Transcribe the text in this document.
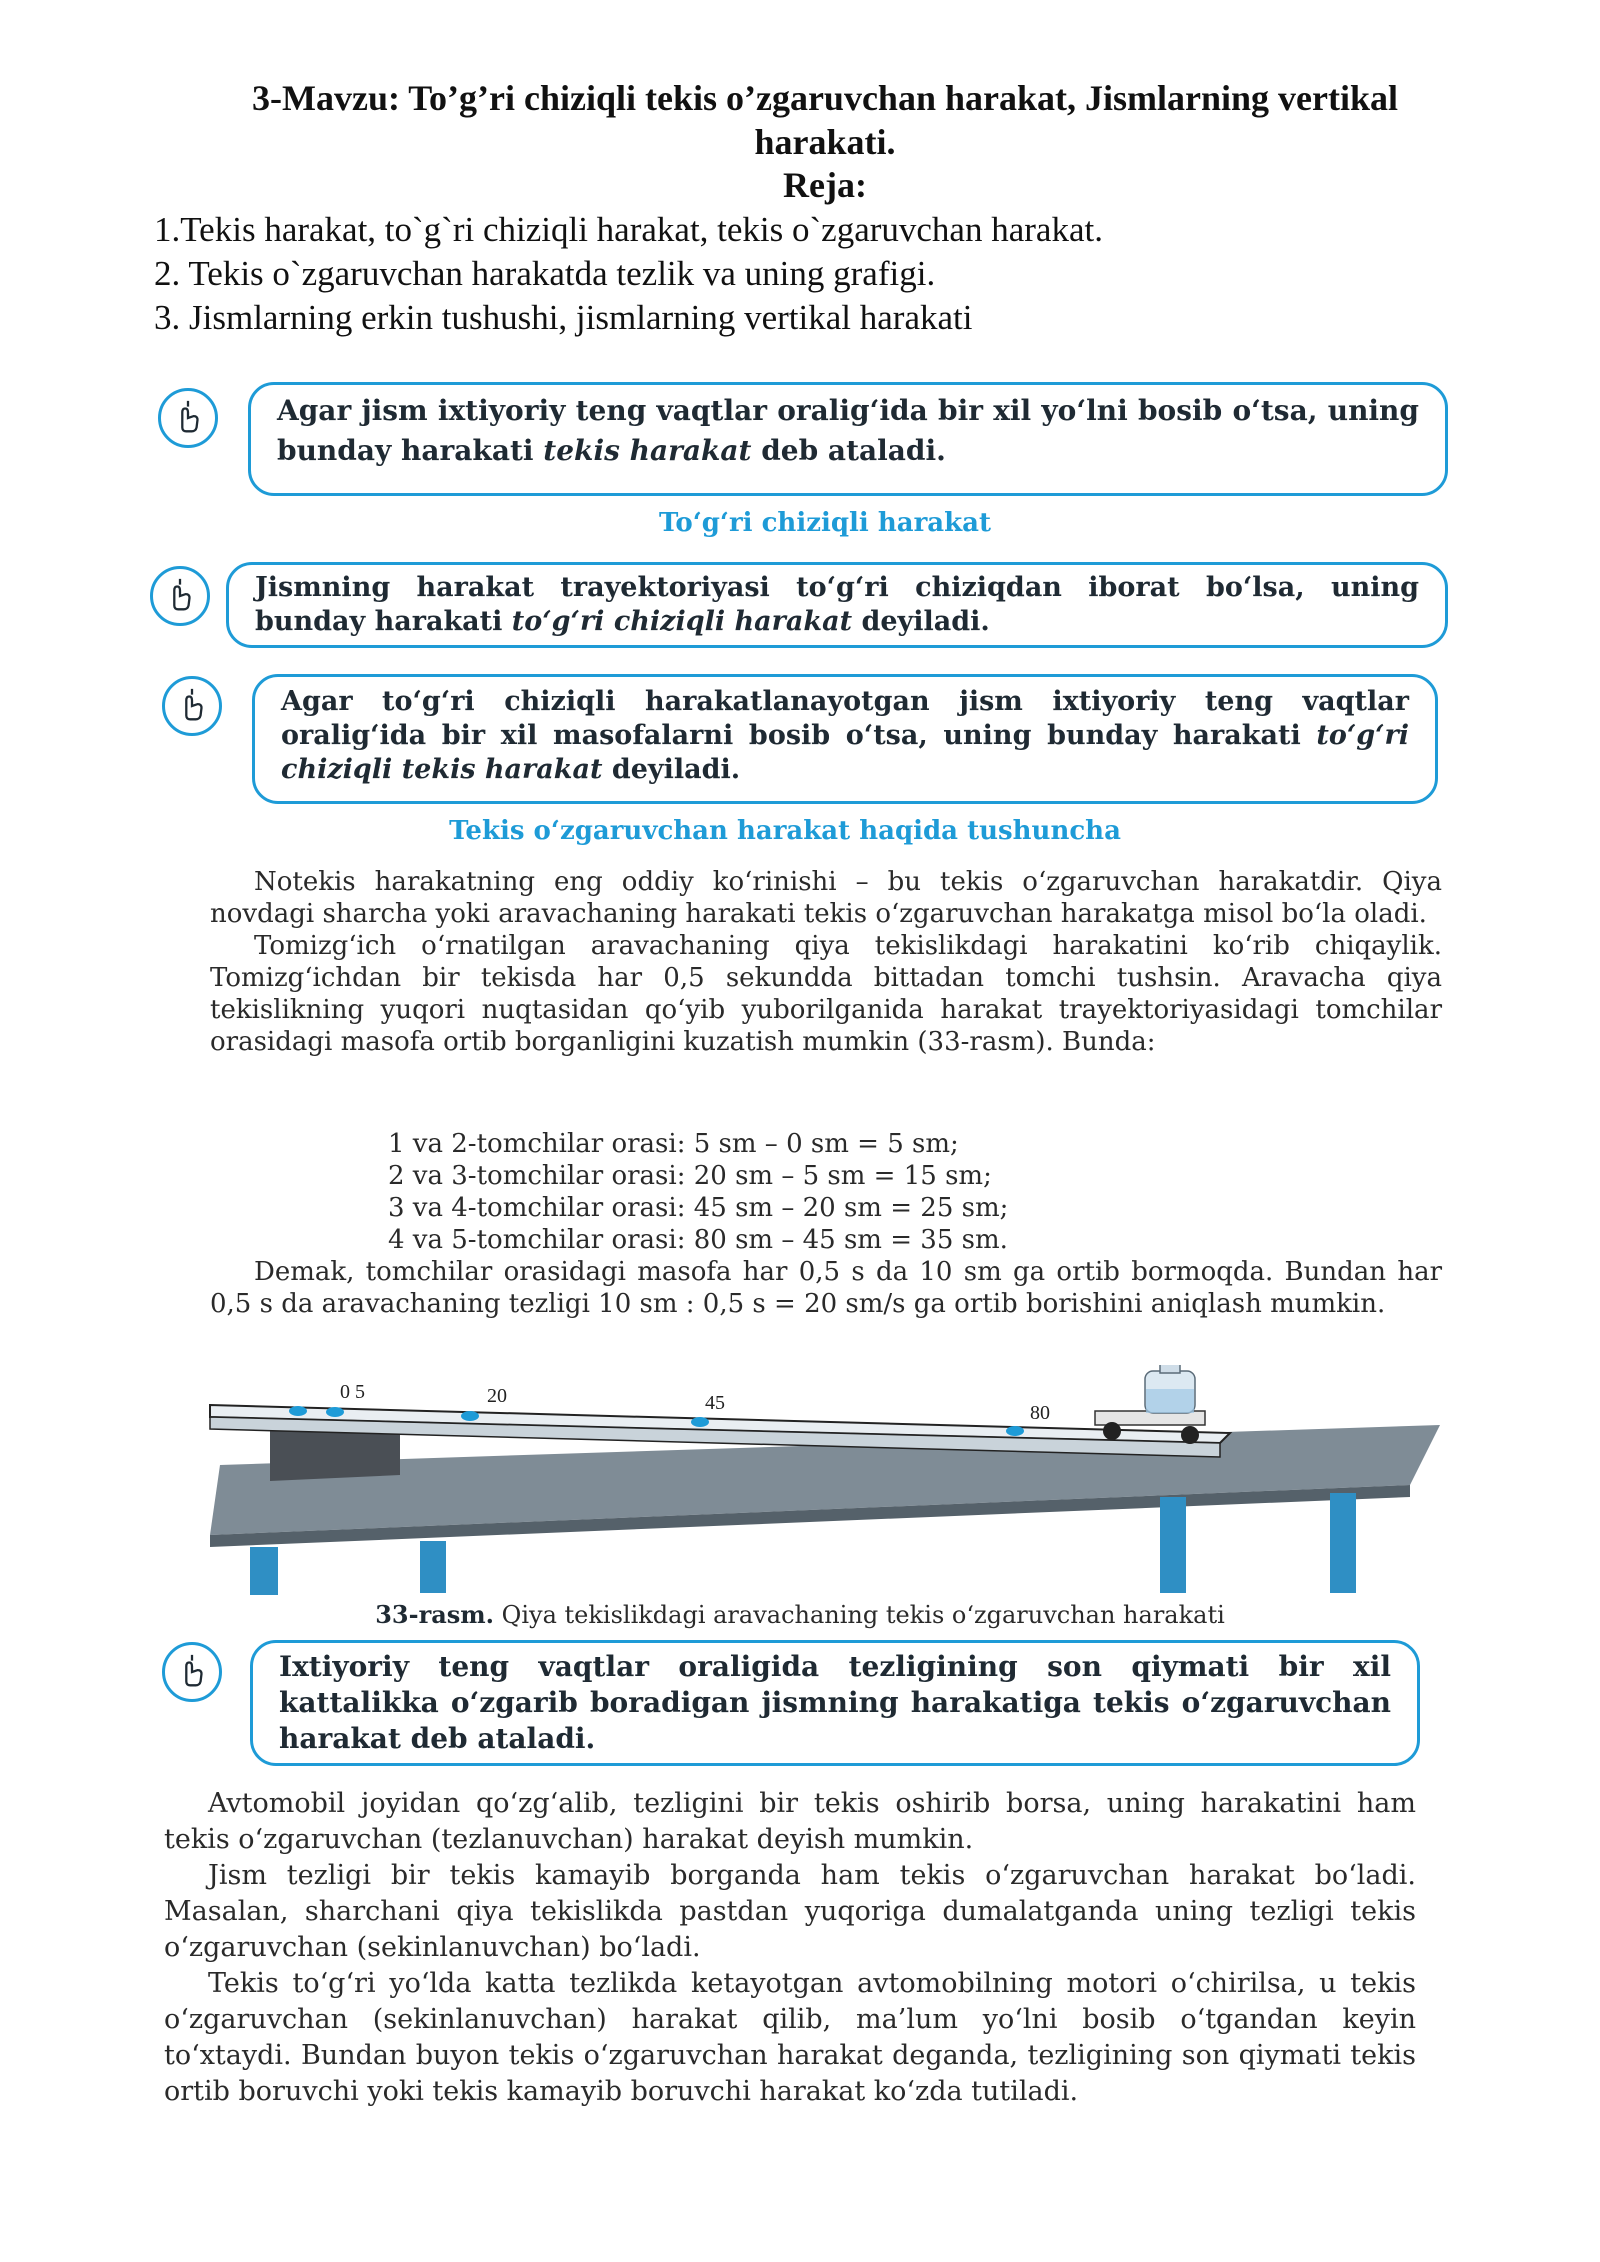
3-Mavzu: To’g’ri chiziqli tekis o’zgaruvchan harakat, Jismlarning vertikal harakati.
Reja:
1.Tekis harakat, to`g`ri chiziqli harakat, tekis o`zgaruvchan harakat.
2. Tekis o`zgaruvchan harakatda tezlik va uning grafigi.
3. Jismlarning erkin tushushi, jismlarning vertikal harakati
Agar jism ixtiyoriy teng vaqtlar oralig‘ida bir xil yo‘lni bosib o‘tsa, uning bunday harakati tekis harakat deb ataladi.
To‘g‘ri chiziqli harakat
Jismning harakat trayektoriyasi to‘g‘ri chiziqdan iborat bo‘lsa, uning bunday harakati to‘g‘ri chiziqli harakat deyiladi.
Agar to‘g‘ri chiziqli harakatlanayotgan jism ixtiyoriy teng vaqtlar oralig‘ida bir xil masofalarni bosib o‘tsa, uning bunday harakati to‘g‘ri chiziqli tekis harakat deyiladi.
Tekis o‘zgaruvchan harakat haqida tushuncha

Notekis harakatning eng oddiy ko‘rinishi – bu tekis o‘zgaruvchan harakatdir. Qiya novdagi sharcha yoki aravachaning harakati tekis o‘zgaruvchan harakatga misol bo‘la oladi.

Tomizg‘ich o‘rnatilgan aravachaning qiya tekislikdagi harakatini ko‘rib chiqaylik. Tomizg‘ichdan bir tekisda har 0,5 sekundda bittadan tomchi tushsin. Aravacha qiya tekislikning yuqori nuqtasidan qo‘yib yuborilganida harakat trayektoriyasidagi tomchilar orasidagi masofa ortib borganligini kuzatish mumkin (33-rasm). Bunda:

1 va 2-tomchilar orasi: 5 sm – 0 sm = 5 sm;
2 va 3-tomchilar orasi: 20 sm – 5 sm = 15 sm;
3 va 4-tomchilar orasi: 45 sm – 20 sm = 25 sm;
4 va 5-tomchilar orasi: 80 sm – 45 sm = 35 sm.

Demak, tomchilar orasidagi masofa har 0,5 s da 10 sm ga ortib bormoqda. Bundan har 0,5 s da aravachaning tezligi 10 sm : 0,5 s = 20 sm/s ga ortib borishini aniqlash mumkin.

0 5	20	45	80
33-rasm. Qiya tekislikdagi aravachaning tekis o‘zgaruvchan harakati
Ixtiyoriy teng vaqtlar oraligida tezligining son qiymati bir xil kattalikka o‘zgarib boradigan jismning harakatiga tekis o‘zgaruvchan harakat deb ataladi.

Avtomobil joyidan qo‘zg‘alib, tezligini bir tekis oshirib borsa, uning harakatini ham tekis o‘zgaruvchan (tezlanuvchan) harakat deyish mumkin.

Jism tezligi bir tekis kamayib borganda ham tekis o‘zgaruvchan harakat bo‘ladi. Masalan, sharchani qiya tekislikda pastdan yuqoriga dumalatganda uning tezligi tekis o‘zgaruvchan (sekinlanuvchan) bo‘ladi.

Tekis to‘g‘ri yo‘lda katta tezlikda ketayotgan avtomobilning motori o‘chirilsa, u tekis o‘zgaruvchan (sekinlanuvchan) harakat qilib, ma’lum yo‘lni bosib o‘tgandan keyin to‘xtaydi. Bundan buyon tekis o‘zgaruvchan harakat deganda, tezligining son qiymati tekis ortib boruvchi yoki tekis kamayib boruvchi harakat ko‘zda tutiladi.
